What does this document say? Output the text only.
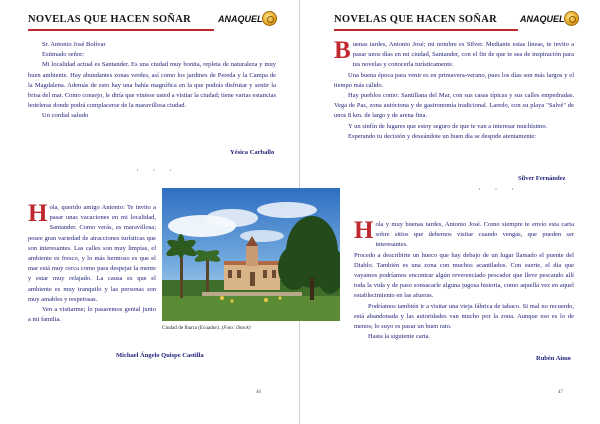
NOVELAS QUE HACEN SOÑAR	ANAQUEL

Sr. Antonio José Bolívar

Estimado señor:

Mi localidad actual es Santander. Es una ciudad muy bonita, repleta de naturaleza y muy buen ambiente. Hay abundantes zonas verdes, así como los jardines de Pereda y la Campa de la Magdalena. Además de esto hay una bahía magnífica en la que podrás disfrutar y sentir la brisa del mar. Como consejo, le diría que viniese usted a visitar la ciudad; tiene varias estancias hoteleras donde podrá complacerse de la maravillosa ciudad.

Un cordial saludo

Yésica Carballo
· · ·

Hola, querido amigo Antonio: Te invito a pasar unas vacaciones en mi localidad, Santander. Como verás, es maravillosa; posee gran variedad de atracciones turísticas que son interesantes. Las calles son muy limpias, el ambiente es fresco, y lo más hermoso es que el mar está muy cerca como para despejar la mente y estar muy relajado. La causa es que el ambiente es muy tranquilo y las personas son muy amables y respetosas.

Ven a visitarme; lo pasaremos genial junto a mi familia.

Michael Ángelo Quispe Castilla
46
NOVELAS QUE HACEN SOÑAR	ANAQUEL

Buenas tardes, Antonio José; mi nombre es Silver. Mediante estas líneas, te invito a pasar unos días en mi ciudad, Santander, con el fin de que te sea de inspiración para tus novelas y conocerla turísticamente.

Una buena época para venir es en primavera-verano, pues los días son más largos y el tiempo más cálido.

Hay pueblos como: Santillana del Mar, con sus casas típicas y sus calles empedradas. Vega de Pas, zona autóctona y de gastronomía tradicional. Laredo, con su playa "Salvé" de unos 8 km. de largo y de arena fina.

Y un sinfín de lugares que estoy seguro de que te van a interesar muchísimo.

Esperando tu decisión y deseándote un buen día se despide atentamente:

Silver Fernández
· · ·

Hola y muy buenas tardes, Antonio José. Como siempre te envío esta carta sobre sitios que debemos visitar cuando vengas, que pueden ser interesantes.

Procedo a describirte un hueco que hay debajo de un lugar llamado el puente del Diablo. También es una zona con muchos acantilados. Con suerte, el día que vayamos podríamos encontrar algún reverenciado pescador que lleve pescando allí toda la vida y de paso sonsacarle alguna jugosa historia, como aquella vez en aquel establecimiento en las afueras.

Podríamos también ir a visitar una vieja fábrica de tabaco. Si mal no recuerdo, está abandonada y las autoridades van mucho por la zona. Aunque eso es lo de menos; lo suyo es pasar un buen rato.

Hasta la siguiente carta.

Rubén Aimo
47
Ciudad de Ibarra (Ecuador). (Foto: iStock)
